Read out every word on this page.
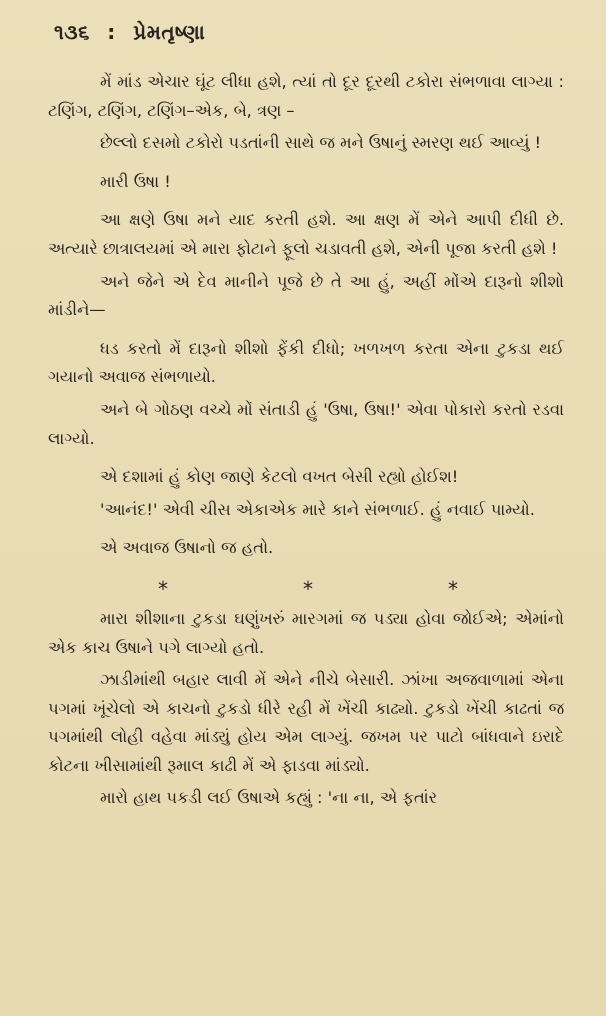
૧૩૬ : પ્રેમતૃષ્ણા

મેં માંડ એચાર ઘૂંટ લીધા હશે, ત્યાં તો દૂર દૂરથી ટકોરા સંભળાવા લાગ્યા : ટણિંગ, ટણિંગ, ટણિંગ–એક, બે, ત્રણ –

છેલ્લો દસમો ટકોરો પડતાંની સાથે જ મને ઉષાનું સ્મરણ થઈ આવ્યું !

મારી ઉષા !

આ ક્ષણે ઉષા મને યાદ કરતી હશે. આ ક્ષણ મેં એને આપી દીધી છે. અત્યારે છાત્રાલયમાં એ મારા ફોટાને ફૂલો ચડાવતી હશે, એની પૂજા કરતી હશે !

અને જેને એ દેવ માનીને પૂજે છે તે આ હું, અહીં મોંએ દારૂનો શીશો માંડીને—

ધડ કરતો મેં દારૂનો શીશો ફેંકી દીધો; ખળખળ કરતા એના ટુકડા થઈ ગયાનો અવાજ સંભળાયો.

અને બે ગોઠણ વચ્ચે મોં સંતાડી હું 'ઉષા, ઉષા!' એવા પોકારો કરતો રડવા લાગ્યો.

એ દશામાં હું કોણ જાણે કેટલો વખત બેસી રહ્યો હોઈશ!

'આનંદ!' એવી ચીસ એકાએક મારે કાને સંભળાઈ. હું નવાઈ પામ્યો.

એ અવાજ ઉષાનો જ હતો.

*	*	*

મારા શીશાના ટુકડા ઘણુંખરું મારગમાં જ પડ્યા હોવા જોઈએ; એમાંનો એક કાચ ઉષાને પગે લાગ્યો હતો.

ઝાડીમાંથી બહાર લાવી મેં એને નીચે બેસારી. ઝાંખા અજવાળામાં એના પગમાં ખૂંચેલો એ કાચનો ટુકડો ધીરે રહી મેં ખેંચી કાઢ્યો. ટુકડો ખેંચી કાઢતાં જ પગમાંથી લોહી વહેવા માંડ્યું હોય એમ લાગ્યું. જખમ પર પાટો બાંધવાને ઇરાદે કોટના ખીસામાંથી રૂમાલ કાઢી મેં એ ફાડવા માંડ્યો.

મારો હાથ પકડી લઈ ઉષાએ કહ્યું : 'ના ના, એ ફતાંર
